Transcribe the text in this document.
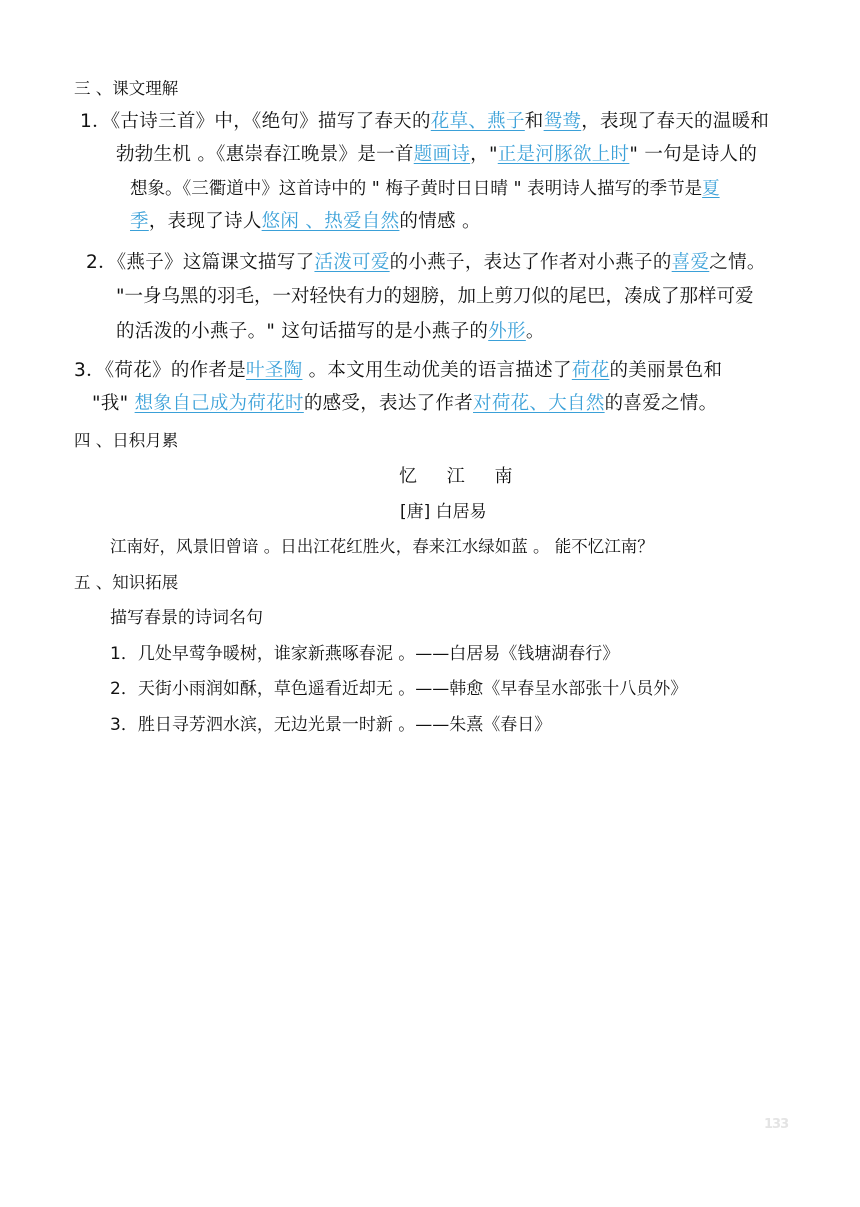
三 、课文理解
1．《古诗三首》中，《绝句》描写了春天的花草、燕子和鸳鸯，表现了春天的温暖和
勃勃生机 。《惠崇春江晚景》是一首题画诗，"正是河豚欲上时" 一句是诗人的
想象。《三衢道中》这首诗中的 " 梅子黄时日日晴 " 表明诗人描写的季节是夏
季，表现了诗人悠闲 、热爱自然的情感 。
2．《燕子》这篇课文描写了活泼可爱的小燕子，表达了作者对小燕子的喜爱之情。
"一身乌黑的羽毛，一对轻快有力的翅膀，加上剪刀似的尾巴，凑成了那样可爱
的活泼的小燕子。" 这句话描写的是小燕子的外形。
3．《荷花》的作者是叶圣陶 。本文用生动优美的语言描述了荷花的美丽景色和
"我" 想象自己成为荷花时的感受，表达了作者对荷花、大自然的喜爱之情。
四 、日积月累
忆 江 南
[唐] 白居易
江南好，风景旧曾谙 。日出江花红胜火，春来江水绿如蓝 。 能不忆江南？
五 、知识拓展
描写春景的诗词名句
1．几处早莺争暖树，谁家新燕啄春泥 。——白居易《钱塘湖春行》
2．天街小雨润如酥，草色遥看近却无 。——韩愈《早春呈水部张十八员外》
3．胜日寻芳泗水滨，无边光景一时新 。——朱熹《春日》
133
